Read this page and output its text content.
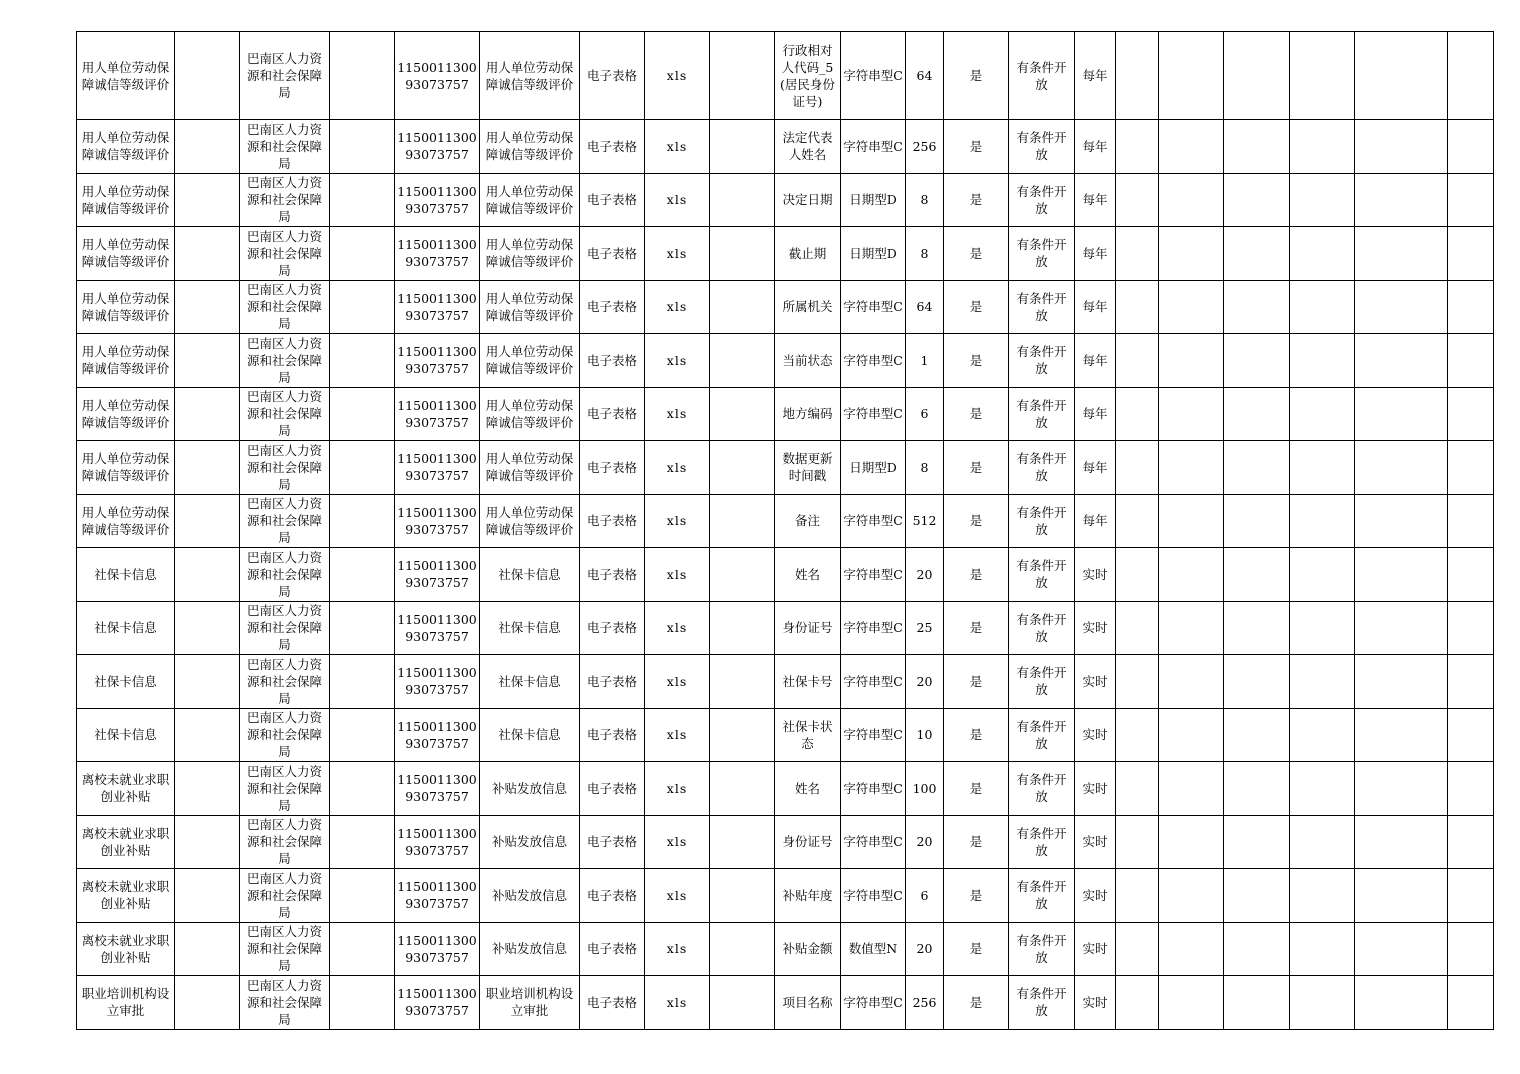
用人单位劳动保障诚信等级评价		巴南区人力资源和社会保障局		115001130093073757	用人单位劳动保障诚信等级评价	电子表格	xls		行政相对人代码_5(居民身份证号)	字符串型C	64	是	有条件开放	每年						
用人单位劳动保障诚信等级评价		巴南区人力资源和社会保障局		115001130093073757	用人单位劳动保障诚信等级评价	电子表格	xls		法定代表人姓名	字符串型C	256	是	有条件开放	每年						
用人单位劳动保障诚信等级评价		巴南区人力资源和社会保障局		115001130093073757	用人单位劳动保障诚信等级评价	电子表格	xls		决定日期	日期型D	8	是	有条件开放	每年						
用人单位劳动保障诚信等级评价		巴南区人力资源和社会保障局		115001130093073757	用人单位劳动保障诚信等级评价	电子表格	xls		截止期	日期型D	8	是	有条件开放	每年						
用人单位劳动保障诚信等级评价		巴南区人力资源和社会保障局		115001130093073757	用人单位劳动保障诚信等级评价	电子表格	xls		所属机关	字符串型C	64	是	有条件开放	每年						
用人单位劳动保障诚信等级评价		巴南区人力资源和社会保障局		115001130093073757	用人单位劳动保障诚信等级评价	电子表格	xls		当前状态	字符串型C	1	是	有条件开放	每年						
用人单位劳动保障诚信等级评价		巴南区人力资源和社会保障局		115001130093073757	用人单位劳动保障诚信等级评价	电子表格	xls		地方编码	字符串型C	6	是	有条件开放	每年						
用人单位劳动保障诚信等级评价		巴南区人力资源和社会保障局		115001130093073757	用人单位劳动保障诚信等级评价	电子表格	xls		数据更新时间戳	日期型D	8	是	有条件开放	每年						
用人单位劳动保障诚信等级评价		巴南区人力资源和社会保障局		115001130093073757	用人单位劳动保障诚信等级评价	电子表格	xls		备注	字符串型C	512	是	有条件开放	每年						
社保卡信息		巴南区人力资源和社会保障局		115001130093073757	社保卡信息	电子表格	xls		姓名	字符串型C	20	是	有条件开放	实时						
社保卡信息		巴南区人力资源和社会保障局		115001130093073757	社保卡信息	电子表格	xls		身份证号	字符串型C	25	是	有条件开放	实时						
社保卡信息		巴南区人力资源和社会保障局		115001130093073757	社保卡信息	电子表格	xls		社保卡号	字符串型C	20	是	有条件开放	实时						
社保卡信息		巴南区人力资源和社会保障局		115001130093073757	社保卡信息	电子表格	xls		社保卡状态	字符串型C	10	是	有条件开放	实时						
离校未就业求职创业补贴		巴南区人力资源和社会保障局		115001130093073757	补贴发放信息	电子表格	xls		姓名	字符串型C	100	是	有条件开放	实时						
离校未就业求职创业补贴		巴南区人力资源和社会保障局		115001130093073757	补贴发放信息	电子表格	xls		身份证号	字符串型C	20	是	有条件开放	实时						
离校未就业求职创业补贴		巴南区人力资源和社会保障局		115001130093073757	补贴发放信息	电子表格	xls		补贴年度	字符串型C	6	是	有条件开放	实时						
离校未就业求职创业补贴		巴南区人力资源和社会保障局		115001130093073757	补贴发放信息	电子表格	xls		补贴金额	数值型N	20	是	有条件开放	实时						
职业培训机构设立审批		巴南区人力资源和社会保障局		115001130093073757	职业培训机构设立审批	电子表格	xls		项目名称	字符串型C	256	是	有条件开放	实时						
